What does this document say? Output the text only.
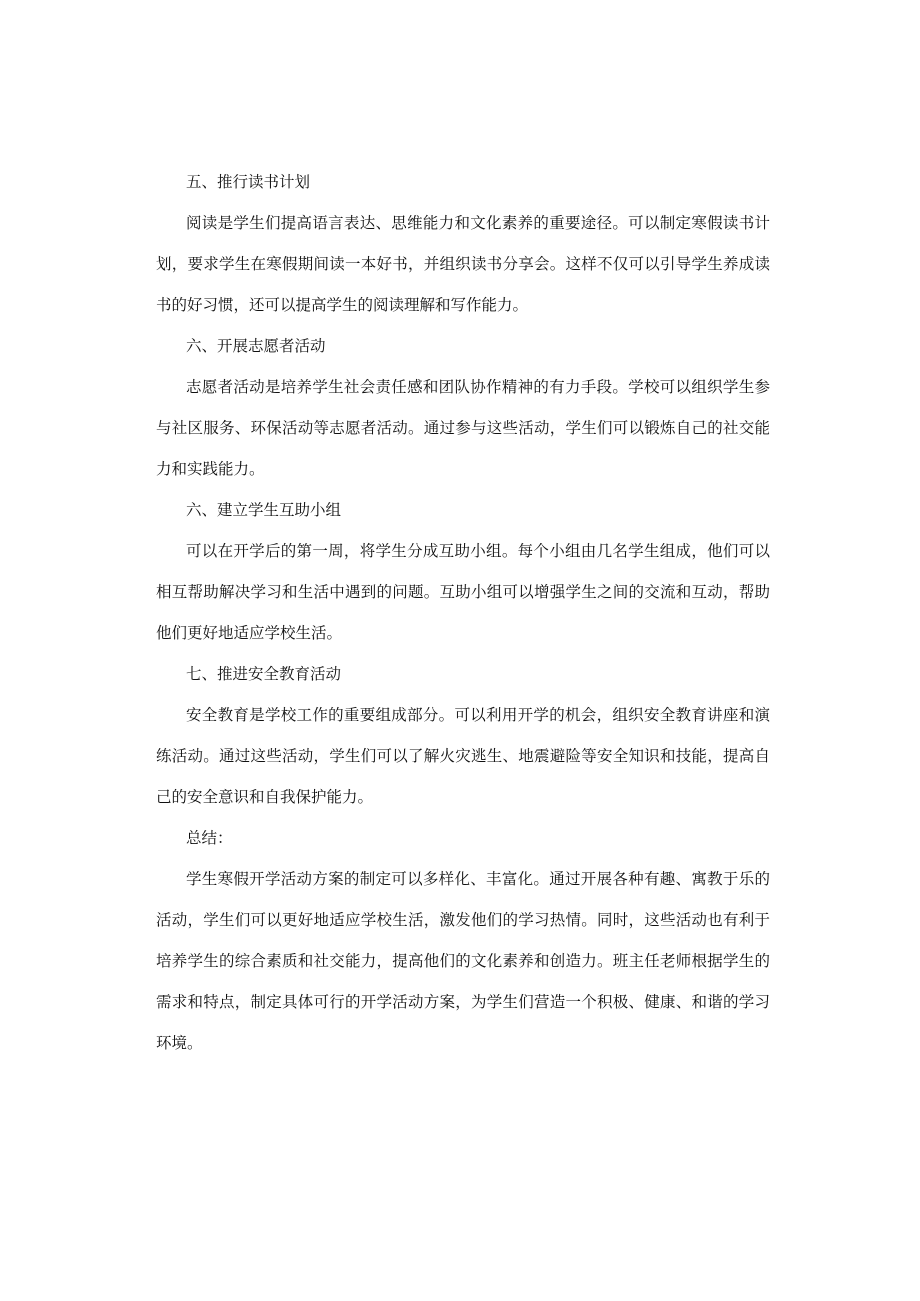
五、推行读书计划

阅读是学生们提高语言表达、思维能力和文化素养的重要途径。可以制定寒假读书计

划，要求学生在寒假期间读一本好书，并组织读书分享会。这样不仅可以引导学生养成读

书的好习惯，还可以提高学生的阅读理解和写作能力。

六、开展志愿者活动

志愿者活动是培养学生社会责任感和团队协作精神的有力手段。学校可以组织学生参

与社区服务、环保活动等志愿者活动。通过参与这些活动，学生们可以锻炼自己的社交能

力和实践能力。

六、建立学生互助小组

可以在开学后的第一周，将学生分成互助小组。每个小组由几名学生组成，他们可以

相互帮助解决学习和生活中遇到的问题。互助小组可以增强学生之间的交流和互动，帮助

他们更好地适应学校生活。

七、推进安全教育活动

安全教育是学校工作的重要组成部分。可以利用开学的机会，组织安全教育讲座和演

练活动。通过这些活动，学生们可以了解火灾逃生、地震避险等安全知识和技能，提高自

己的安全意识和自我保护能力。

总结：

学生寒假开学活动方案的制定可以多样化、丰富化。通过开展各种有趣、寓教于乐的

活动，学生们可以更好地适应学校生活，激发他们的学习热情。同时，这些活动也有利于

培养学生的综合素质和社交能力，提高他们的文化素养和创造力。班主任老师根据学生的

需求和特点，制定具体可行的开学活动方案，为学生们营造一个积极、健康、和谐的学习

环境。
